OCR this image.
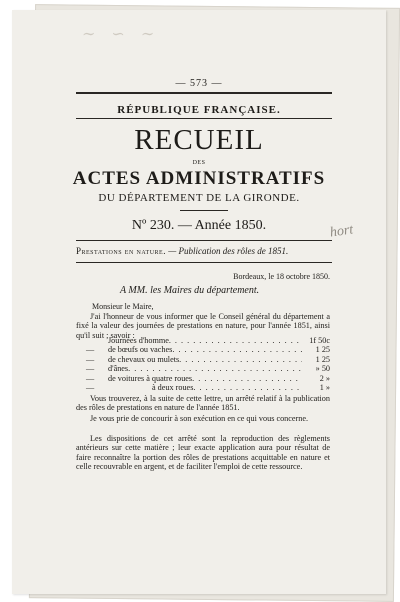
∼ ∽ ∼
— 573 —
RÉPUBLIQUE FRANÇAISE.
RECUEIL
DES
ACTES ADMINISTRATIFS
DU DÉPARTEMENT DE LA GIRONDE.
Nº 230. — Année 1850.	hort
Prestations en nature. — Publication des rôles de 1851.
Bordeaux, le 18 octobre 1850.
A MM. les Maires du département.
Monsieur le Maire,
J'ai l'honneur de vous informer que le Conseil général du département a fixé la valeur des journées de prestations en nature, pour l'année 1851, ainsi qu'il suit ; savoir :
Journées d'homme . . .	1f 50c
—	de bœufs ou vaches . . .	1 25
—	de chevaux ou mulets . . .	1 25
—	d'ânes . . .	» 50
—	de voitures à quatre roues . . .	2 »
—	à deux roues . . .	1 »
Vous trouverez, à la suite de cette lettre, un arrêté relatif à la publication des rôles de prestations en nature de l'année 1851.
Je vous prie de concourir à son exécution en ce qui vous concerne.
Les dispositions de cet arrêté sont la reproduction des règlements antérieurs sur cette matière ; leur exacte application aura pour résultat de faire reconnaître la portion des rôles de prestations acquittable en nature et celle recouvrable en argent, et de faciliter l'emploi de cette ressource.
